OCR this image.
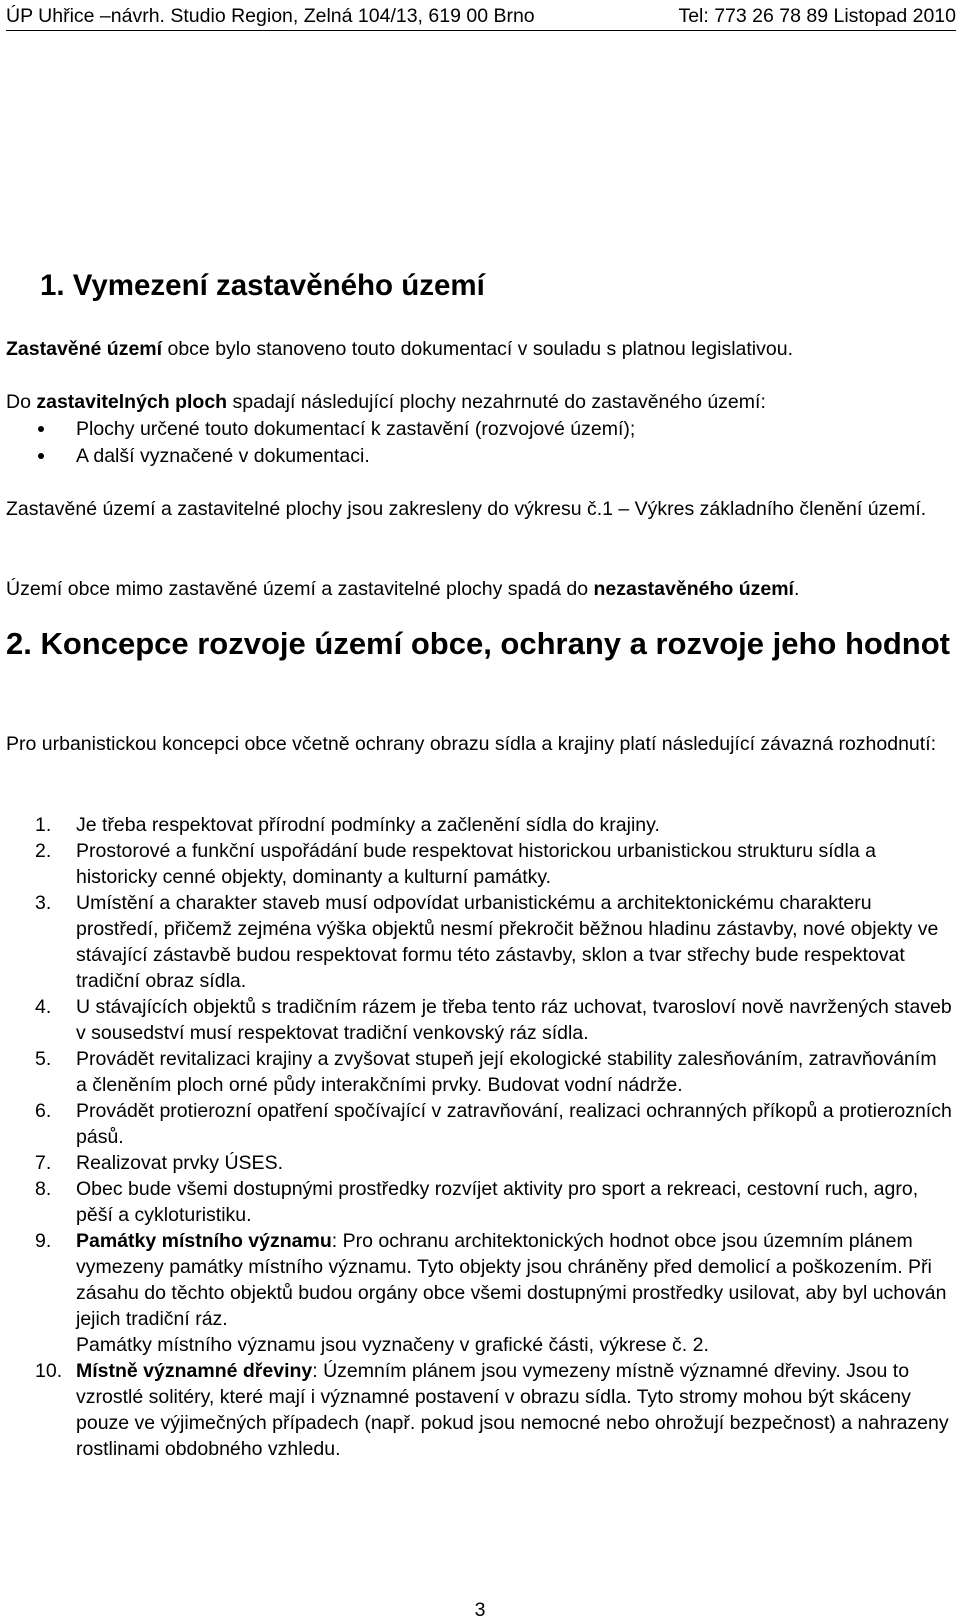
ÚP Uhřice –návrh. Studio Region, Zelná 104/13, 619 00 Brno	Tel: 773 26 78 89 Listopad 2010
1. Vymezení zastavěného území

Zastavěné území obce bylo stanoveno touto dokumentací v souladu s platnou legislativou.

Do zastavitelných ploch spadají následující plochy nezahrnuté do zastavěného území:

Plochy určené touto dokumentací k zastavění (rozvojové území);
A další vyznačené v dokumentaci.

Zastavěné území a zastavitelné plochy jsou zakresleny do výkresu č.1 – Výkres základního členění území.

Území obce mimo zastavěné území a zastavitelné plochy spadá do nezastavěného území.

2. Koncepce rozvoje území obce, ochrany a rozvoje jeho hodnot

Pro urbanistickou koncepci obce včetně ochrany obrazu sídla a krajiny platí následující závazná rozhodnutí:

1. Je třeba respektovat přírodní podmínky a začlenění sídla do krajiny.

2. Prostorové a funkční uspořádání bude respektovat historickou urbanistickou strukturu sídla a historicky cenné objekty, dominanty a kulturní památky.

3. Umístění a charakter staveb musí odpovídat urbanistickému a architektonickému charakteru prostředí, přičemž zejména výška objektů nesmí překročit běžnou hladinu zástavby, nové objekty ve stávající zástavbě budou respektovat formu této zástavby, sklon a tvar střechy bude respektovat tradiční obraz sídla.

4. U stávajících objektů s tradičním rázem je třeba tento ráz uchovat, tvarosloví nově navržených staveb v sousedství musí respektovat tradiční venkovský ráz sídla.

5. Provádět revitalizaci krajiny a zvyšovat stupeň její ekologické stability zalesňováním, zatravňováním a členěním ploch orné půdy interakčními prvky. Budovat vodní nádrže.

6. Provádět protierozní opatření spočívající v zatravňování, realizaci ochranných příkopů a protierozních pásů.

7. Realizovat prvky ÚSES.

8. Obec bude všemi dostupnými prostředky rozvíjet aktivity pro sport a rekreaci, cestovní ruch, agro, pěší a cykloturistiku.

9. Památky místního významu: Pro ochranu architektonických hodnot obce jsou územním plánem vymezeny památky místního významu. Tyto objekty jsou chráněny před demolicí a poškozením. Při zásahu do těchto objektů budou orgány obce všemi dostupnými prostředky usilovat, aby byl uchován jejich tradiční ráz.

Památky místního významu jsou vyznačeny v grafické části, výkrese č. 2.

10. Místně významné dřeviny: Územním plánem jsou vymezeny místně významné dřeviny. Jsou to vzrostlé solitéry, které mají i významné postavení v obrazu sídla. Tyto stromy mohou být skáceny pouze ve výjimečných případech (např. pokud jsou nemocné nebo ohrožují bezpečnost) a nahrazeny rostlinami obdobného vzhledu.

3
